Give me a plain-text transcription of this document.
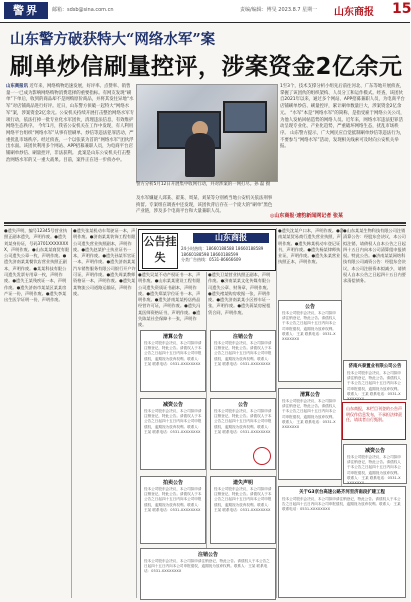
警界	邮箱：sdsb@sina.com.cn	责编/编辑：傅旻 2023.8.7 星期一 山东商报 15
山东警方破获特大“网络水军”案
刷单炒信刷量控评，涉案资金2亿余元
山东商报讯 近年来，网络购物迅速发展，好评率、点赞率、销售量一一已成为影响网络购物消费选择的重要指标。有网友发现“刷单”下单后，收到的商品却不是网购原价商品，并将其发往异地“水军”对店铺商品进行好评。近日，山东警方侦破一起特大“网络水军”案，涉案资金2亿余元。公安机关持续开展打击整治网络水军专项行动，依法打掉一批专业化水军团伙，清理违法信息，有效维护网络生态秩序。 今年1月，我省公安机关在工作中发现，有人利用网络平台组织“网络水军”从事有偿刷单、炒信等违法犯罪活动，严重扰乱市场秩序。经过侦查，一个以张某为首的“网络水军”团伙浮出水面。该团伙利用多个网站、APP招募兼职人员，为电商平台店铺刷单炒信、刷量控评，非法获利。 此案是山东公安机关打击整治网络水军的又一重大战果。目前，案件正在进一步侦办中。
警方分析5月12日开展集中收网行动，并对涉案的一网打尽。孙 磊 摄
及水军嫌疑人邱某、翟某、周某、刘某等分别被当地公安机关依法刑事拘留。专案组在调查中还发现，该团伙背后存在一个庞大的“刷单”黑色产业链，涉及多个电商平台和大量兼职人员。
1至3个，技术支撑分析小组先后前往河北、广东等地开展侦查，掌握了该团伙的组织架构、人员分工和运作模式。经查，该团伙自2021年以来，通过多个网站、APP招募兼职人员，为电商平台店铺刷单炒信、刷量控评，累计刷单数量巨大，涉案资金2亿余元。 “水军”本是“网络水军”的简称，是指受雇于网络公关公司，为他人发帖回帖造势的网络人员。近年来，网络水军违法犯罪活动呈现专业化、产业化趋势，严重破坏网络生态，扰乱市场秩序。 山东警方提示，广大网民应自觉抵制刷单炒信等违法行为，不要参与“网络水军”活动，发现相关线索可及时向公安机关举报。
◎山东商报·速豹新闻网记者 张某
●遗失声明，编号12345号营业执照正副本遗失，声明作废。●遗失刘某身份证，号码3701XXXXXXXX，声明作废。●山东某某商贸有限公司遗失公章一枚，声明作废。●遗失济南某某餐饮店营业执照正副本，声明作废。●某某科技有限公司遗失发票专用章一枚，声明作废。●遗失王某残疾证一本，声明作废。●遗失济南市某某区某某房产证一份，声明作废。●遗失李某出生医学证明一份，声明作废。
●遗失张某机动车驾驶证一本，声明作废。●济南某某装饰工程有限公司遗失营业执照副本，声明作废。●遗失赵某护士执业证书一本，声明作废。●遗失孙某军官证一本，声明作废。●遗失济南某某汽车销售服务有限公司银行开户许可证，声明作废。●遗失周某教师资格证一本，声明作废。●遗失某某物流公司道路运输证，声明作废。
公告挂失
山东商报
24小时热线：18660188588 18660188589 18660188598 18660188599
分类广告热线：0531-86666609
●遗失吴某不动产权证书一本，声明作废。●山东某某建设工程有限公司遗失资质证书副本，声明作废。●遗失郑某学位证书一本，声明作废。●遗失济南某某药店药品经营许可证，声明作废。●遗失冯某医师资格证书，声明作废。●遗失陈某社会保障卡一张，声明作废。
●遗失卫某营业执照正副本，声明作废。●济南某某文化传媒有限公司遗失公章、财务章，声明作废。●遗失褚某购房收据一张，声明作废。●遗失济南某某小区停车证一张，声明作废。●遗失蒋某房屋租赁合同，声明作废。
●遗失沈某户口本，声明作废。●济南某某贸易商行遗失营业执照，声明作废。●遗失韩某机动车登记证书，声明作废。●遗失杨某律师执业证，声明作废。●遗失朱某营业执照正本，声明作废。
●山东某某生物科技有限公司注销清算公告：经股东会决议，本公司拟注销，请债权人自本公告之日起四十五日内向本公司清算组申报债权。特此公告。●济南某某网络科技有限公司减资公告：经股东会决议，本公司注册资本拟减少，请债权人自本公告之日起四十五日内要求清偿债务。
清算公告
经本公司股东会决议，本公司拟申请注销登记，特此公告。请债权人于本公告之日起四十五日内向本公司申报债权，逾期视为放弃权利。联系人：王某 联系电话：0531-XXXXXXXX
注销公告
经本公司股东会决议，本公司拟申请注销登记，特此公告。请债权人于本公告之日起四十五日内向本公司申报债权，逾期视为放弃权利。联系人：王某 联系电话：0531-XXXXXXXX
减资公告
经本公司股东会决议，本公司拟申请注销登记，特此公告。请债权人于本公告之日起四十五日内向本公司申报债权，逾期视为放弃权利。联系人：王某 联系电话：0531-XXXXXXXX
公告
经本公司股东会决议，本公司拟申请注销登记，特此公告。请债权人于本公告之日起四十五日内向本公司申报债权，逾期视为放弃权利。联系人：王某 联系电话：0531-XXXXXXXX
拍卖公告
经本公司股东会决议，本公司拟申请注销登记，特此公告。请债权人于本公告之日起四十五日内向本公司申报债权，逾期视为放弃权利。联系人：王某 联系电话：0531-XXXXXXXX
遗失声明
经本公司股东会决议，本公司拟申请注销登记，特此公告。请债权人于本公告之日起四十五日内向本公司申报债权，逾期视为放弃权利。联系人：王某 联系电话：0531-XXXXXXXX
公告
经本公司股东会决议，本公司拟申请注销登记，特此公告。请债权人于本公告之日起四十五日内向本公司申报债权，逾期视为放弃权利。联系人：王某 联系电话：0531-XXXXXXXX
清算公告
经本公司股东会决议，本公司拟申请注销登记，特此公告。请债权人于本公告之日起四十五日内向本公司申报债权，逾期视为放弃权利。联系人：王某 联系电话：0531-XXXXXXXX
济南兴泰置业有限公司公告
经本公司股东会决议，本公司拟申请注销登记，特此公告。请债权人于本公告之日起四十五日内向本公司申报债权，逾期视为放弃权利。联系人：王某 联系电话：0531-XXXXXXXX
山东商报，本栏目刊登的公告声明仅作信息发布，不承担法律责任，请读者自行甄别。
关于G3京台高速公路齐河至济南段扩建工程
经本公司股东会决议，本公司拟申请注销登记，特此公告。请债权人于本公告之日起四十五日内向本公司申报债权，逾期视为放弃权利。联系人：王某 联系电话：0531-XXXXXXXX
减资公告
经本公司股东会决议，本公司拟申请注销登记，特此公告。请债权人于本公告之日起四十五日内向本公司申报债权，逾期视为放弃权利。联系人：王某 联系电话：0531-XXXXXXXX
注销公告
经本公司股东会决议，本公司拟申请注销登记，特此公告。请债权人于本公告之日起四十五日内向本公司申报债权，逾期视为放弃权利。联系人：王某 联系电话：0531-XXXXXXXX
